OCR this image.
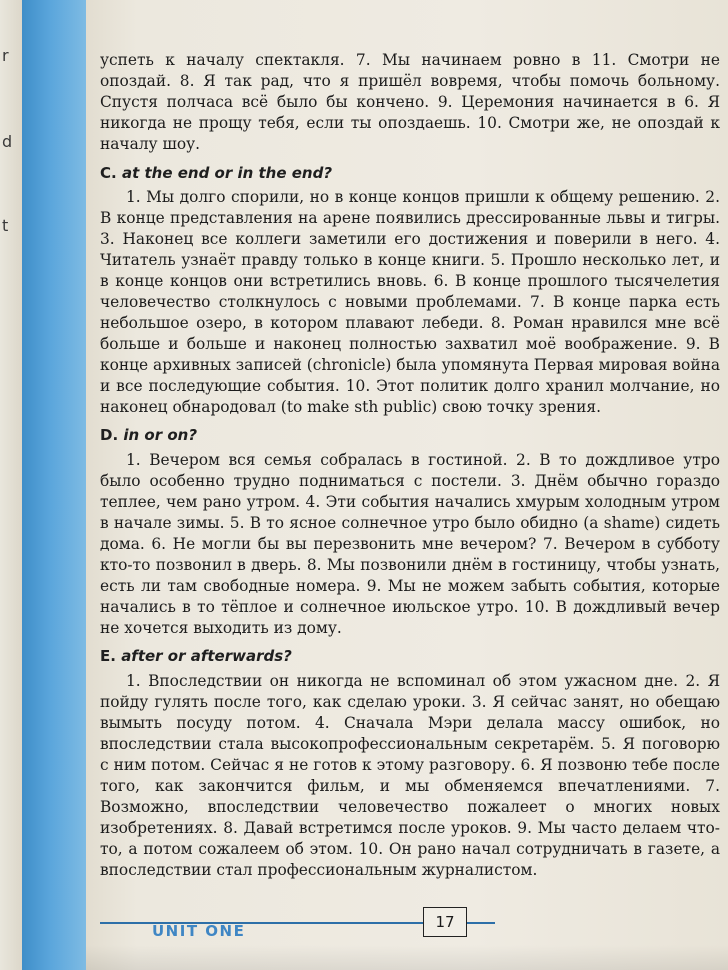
r
d
t

успеть к началу спектакля. 7. Мы начинаем ровно в 11. Смотри не опоздай. 8. Я так рад, что я пришёл вовремя, чтобы помочь больному. Спустя полчаса всё было бы кончено. 9. Церемония начинается в 6. Я никогда не прощу тебя, если ты опоздаешь. 10. Смотри же, не опоздай к началу шоу.

C. at the end or in the end?

1. Мы долго спорили, но в конце концов пришли к общему решению. 2. В конце представления на арене появились дрессированные львы и тигры. 3. Наконец все коллеги заметили его достижения и поверили в него. 4. Читатель узнаёт правду только в конце книги. 5. Прошло несколько лет, и в конце концов они встретились вновь. 6. В конце прошлого тысячелетия человечество столкнулось с новыми проблемами. 7. В конце парка есть небольшое озеро, в котором плавают лебеди. 8. Роман нравился мне всё больше и больше и наконец полностью захватил моё воображение. 9. В конце архивных записей (chronicle) была упомянута Первая мировая война и все последующие события. 10. Этот политик долго хранил молчание, но наконец обнародовал (to make sth public) свою точку зрения.

D. in or on?

1. Вечером вся семья собралась в гостиной. 2. В то дождливое утро было особенно трудно подниматься с постели. 3. Днём обычно гораздо теплее, чем рано утром. 4. Эти события начались хмурым холодным утром в начале зимы. 5. В то ясное солнечное утро было обидно (a shame) сидеть дома. 6. Не могли бы вы перезвонить мне вечером? 7. Вечером в субботу кто-то позвонил в дверь. 8. Мы позвонили днём в гостиницу, чтобы узнать, есть ли там свободные номера. 9. Мы не можем забыть события, которые начались в то тёплое и солнечное июльское утро. 10. В дождливый вечер не хочется выходить из дому.

E. after or afterwards?

1. Впоследствии он никогда не вспоминал об этом ужасном дне. 2. Я пойду гулять после того, как сделаю уроки. 3. Я сейчас занят, но обещаю вымыть посуду потом. 4. Сначала Мэри делала массу ошибок, но впоследствии стала высокопрофессиональным секретарём. 5. Я поговорю с ним потом. Сейчас я не готов к этому разговору. 6. Я позвоню тебе после того, как закончится фильм, и мы обменяемся впечатлениями. 7. Возможно, впоследствии человечество пожалеет о многих новых изобретениях. 8. Давай встретимся после уроков. 9. Мы часто делаем что-то, а потом сожалеем об этом. 10. Он рано начал сотрудничать в газете, а впоследствии стал профессиональным журналистом.

UNIT ONE	17
